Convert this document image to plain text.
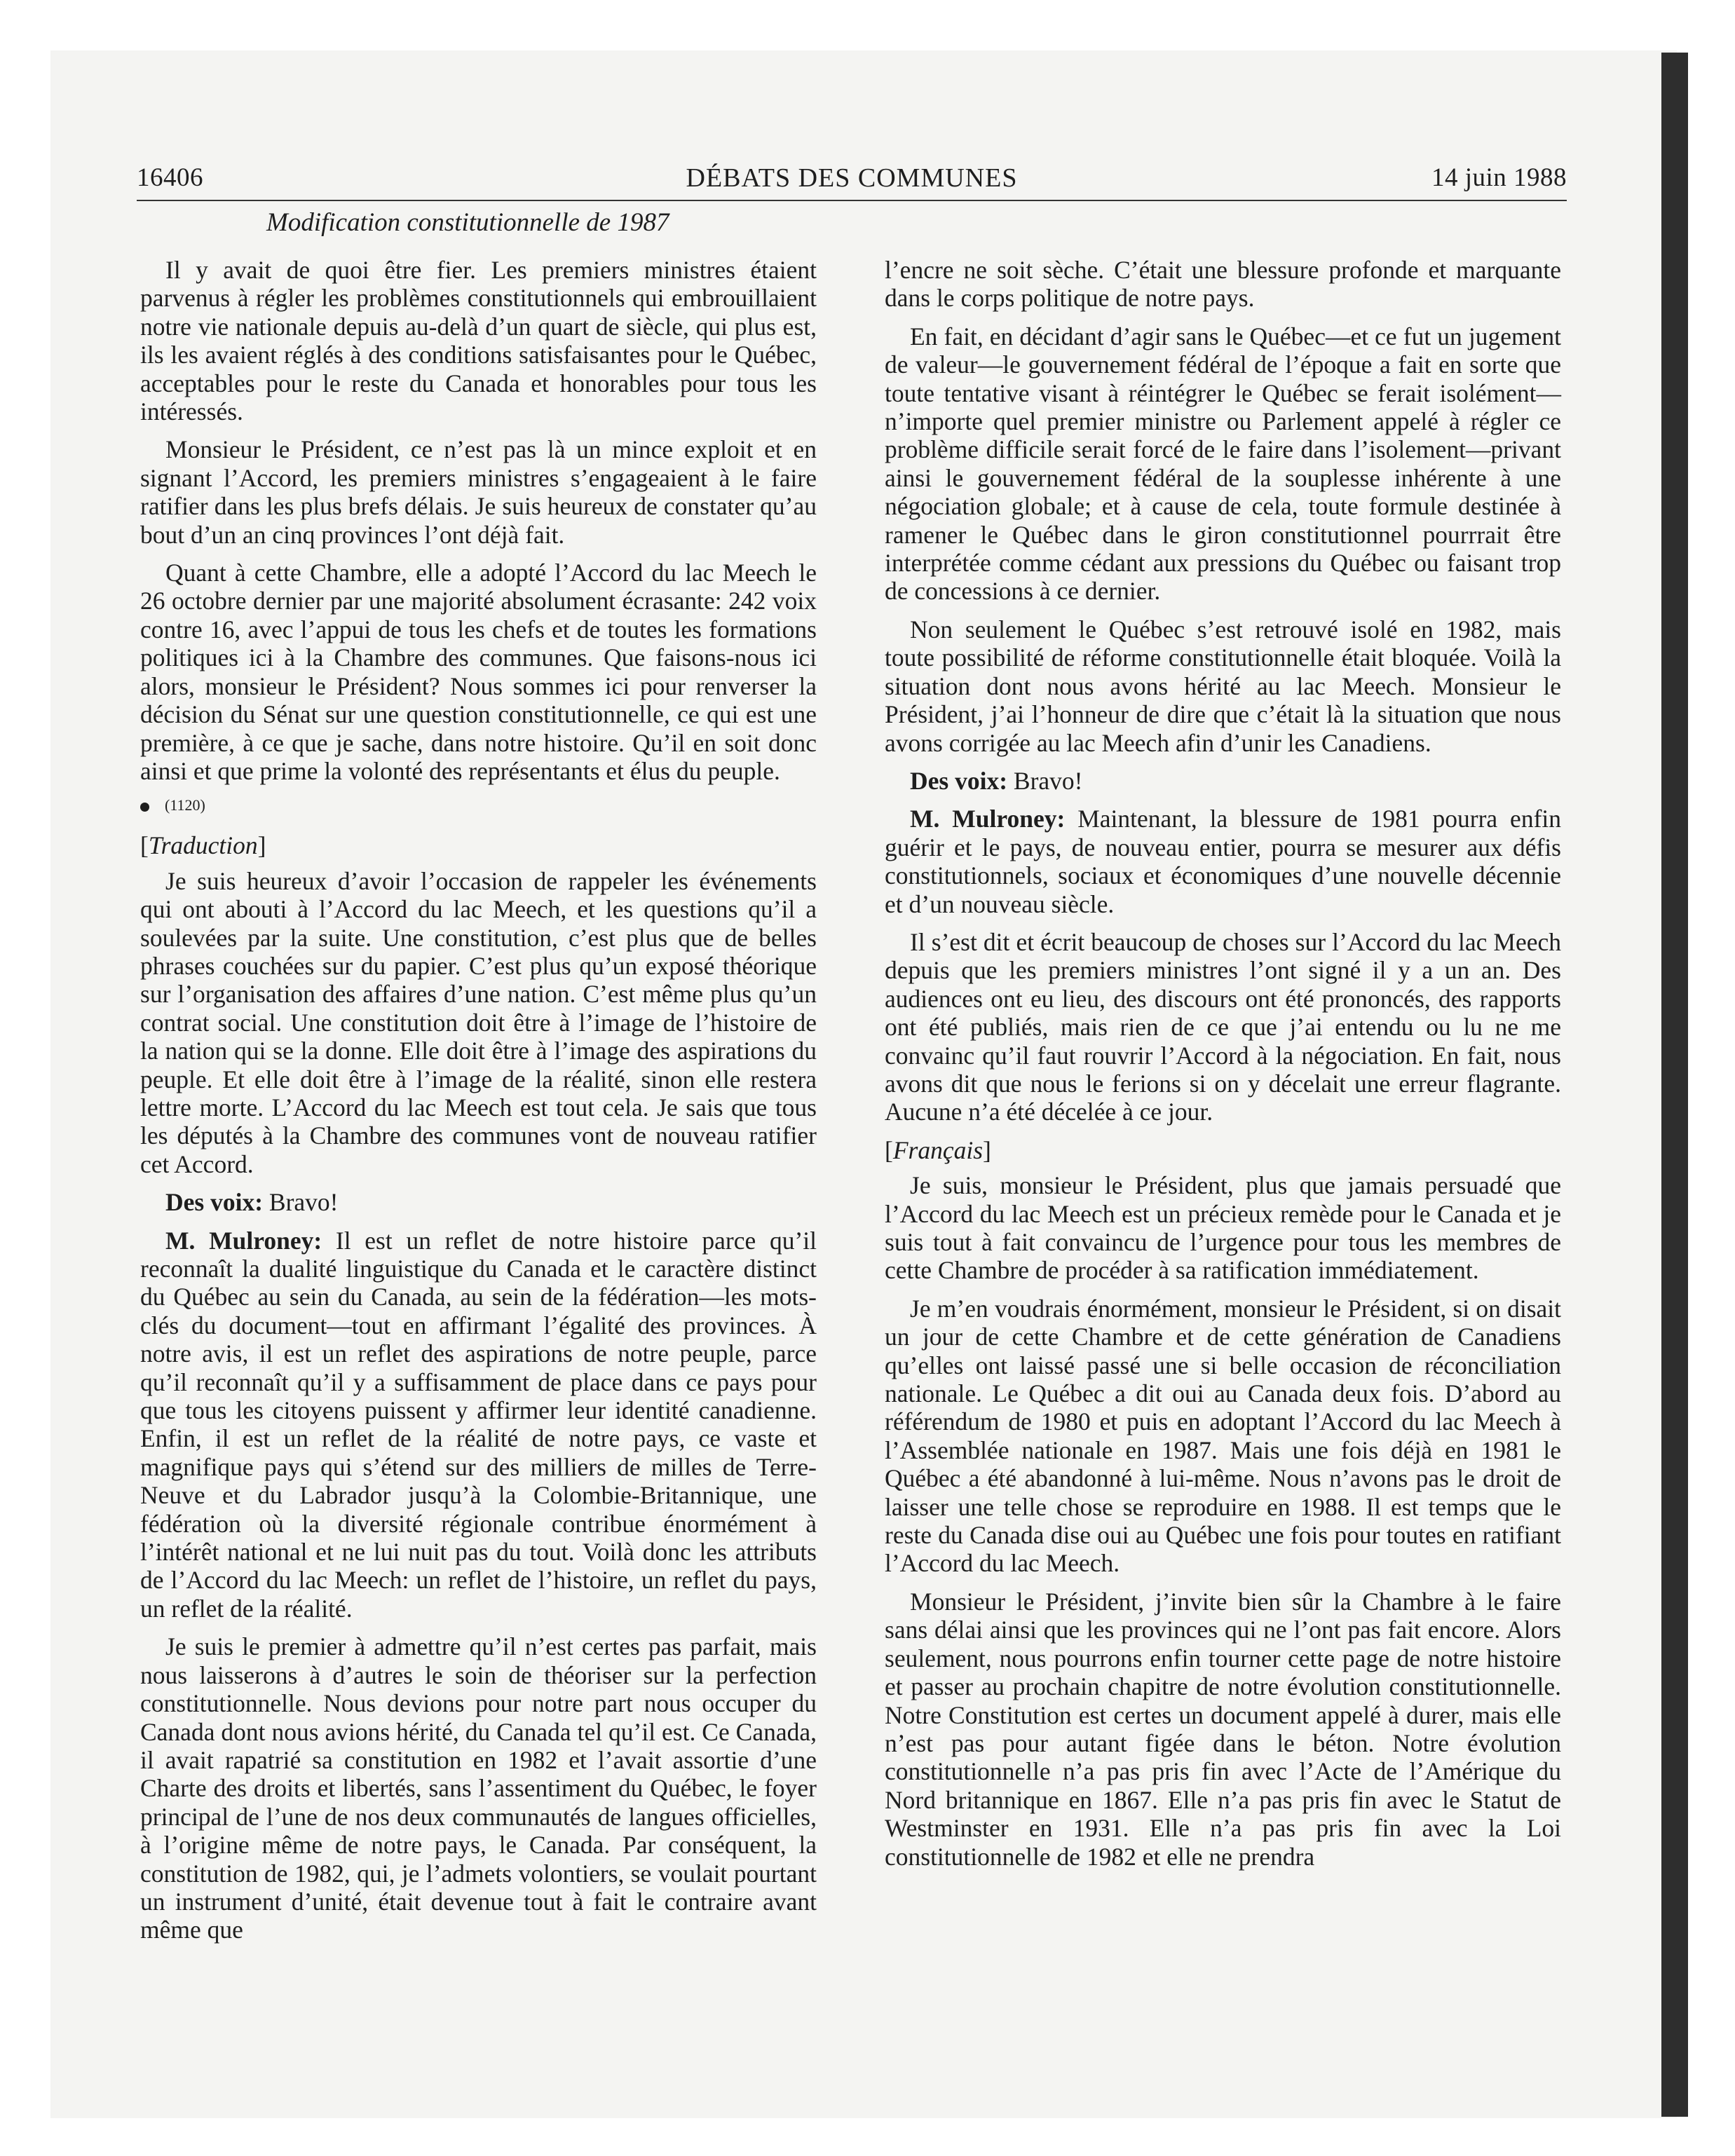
16406	DÉBATS DES COMMUNES	14 juin 1988
Modification constitutionnelle de 1987

Il y avait de quoi être fier. Les premiers ministres étaient parvenus à régler les problèmes constitutionnels qui embrouillaient notre vie nationale depuis au-delà d’un quart de siècle, qui plus est, ils les avaient réglés à des conditions satisfaisantes pour le Québec, acceptables pour le reste du Canada et honorables pour tous les intéressés.

Monsieur le Président, ce n’est pas là un mince exploit et en signant l’Accord, les premiers ministres s’engageaient à le faire ratifier dans les plus brefs délais. Je suis heureux de constater qu’au bout d’un an cinq provinces l’ont déjà fait.

Quant à cette Chambre, elle a adopté l’Accord du lac Meech le 26 octobre dernier par une majorité absolument écrasante: 242 voix contre 16, avec l’appui de tous les chefs et de toutes les formations politiques ici à la Chambre des communes. Que faisons-nous ici alors, monsieur le Président? Nous sommes ici pour renverser la décision du Sénat sur une question constitutionnelle, ce qui est une première, à ce que je sache, dans notre histoire. Qu’il en soit donc ainsi et que prime la volonté des représentants et élus du peuple.

(1120)
[Traduction]

Je suis heureux d’avoir l’occasion de rappeler les événements qui ont abouti à l’Accord du lac Meech, et les questions qu’il a soulevées par la suite. Une constitution, c’est plus que de belles phrases couchées sur du papier. C’est plus qu’un exposé théorique sur l’organisation des affaires d’une nation. C’est même plus qu’un contrat social. Une constitution doit être à l’image de l’histoire de la nation qui se la donne. Elle doit être à l’image des aspirations du peuple. Et elle doit être à l’image de la réalité, sinon elle restera lettre morte. L’Accord du lac Meech est tout cela. Je sais que tous les députés à la Chambre des communes vont de nouveau ratifier cet Accord.

Des voix: Bravo!

M. Mulroney: Il est un reflet de notre histoire parce qu’il reconnaît la dualité linguistique du Canada et le caractère distinct du Québec au sein du Canada, au sein de la fédération—les mots-clés du document—tout en affirmant l’égalité des provinces. À notre avis, il est un reflet des aspirations de notre peuple, parce qu’il reconnaît qu’il y a suffisamment de place dans ce pays pour que tous les citoyens puissent y affirmer leur identité canadienne. Enfin, il est un reflet de la réalité de notre pays, ce vaste et magnifique pays qui s’étend sur des milliers de milles de Terre-Neuve et du Labrador jusqu’à la Colombie-Britannique, une fédération où la diversité régionale contribue énormément à l’intérêt national et ne lui nuit pas du tout. Voilà donc les attributs de l’Accord du lac Meech: un reflet de l’histoire, un reflet du pays, un reflet de la réalité.

Je suis le premier à admettre qu’il n’est certes pas parfait, mais nous laisserons à d’autres le soin de théoriser sur la perfection constitutionnelle. Nous devions pour notre part nous occuper du Canada dont nous avions hérité, du Canada tel qu’il est. Ce Canada, il avait rapatrié sa constitution en 1982 et l’avait assortie d’une Charte des droits et libertés, sans l’assentiment du Québec, le foyer principal de l’une de nos deux communautés de langues officielles, à l’origine même de notre pays, le Canada. Par conséquent, la constitution de 1982, qui, je l’admets volontiers, se voulait pourtant un instrument d’unité, était devenue tout à fait le contraire avant même que

l’encre ne soit sèche. C’était une blessure profonde et marquante dans le corps politique de notre pays.

En fait, en décidant d’agir sans le Québec—et ce fut un jugement de valeur—le gouvernement fédéral de l’époque a fait en sorte que toute tentative visant à réintégrer le Québec se ferait isolément—n’importe quel premier ministre ou Parlement appelé à régler ce problème difficile serait forcé de le faire dans l’isolement—privant ainsi le gouvernement fédéral de la souplesse inhérente à une négociation globale; et à cause de cela, toute formule destinée à ramener le Québec dans le giron constitutionnel pourrrait être interprétée comme cédant aux pressions du Québec ou faisant trop de concessions à ce dernier.

Non seulement le Québec s’est retrouvé isolé en 1982, mais toute possibilité de réforme constitutionnelle était bloquée. Voilà la situation dont nous avons hérité au lac Meech. Monsieur le Président, j’ai l’honneur de dire que c’était là la situation que nous avons corrigée au lac Meech afin d’unir les Canadiens.

Des voix: Bravo!

M. Mulroney: Maintenant, la blessure de 1981 pourra enfin guérir et le pays, de nouveau entier, pourra se mesurer aux défis constitutionnels, sociaux et économiques d’une nouvelle décennie et d’un nouveau siècle.

Il s’est dit et écrit beaucoup de choses sur l’Accord du lac Meech depuis que les premiers ministres l’ont signé il y a un an. Des audiences ont eu lieu, des discours ont été prononcés, des rapports ont été publiés, mais rien de ce que j’ai entendu ou lu ne me convainc qu’il faut rouvrir l’Accord à la négociation. En fait, nous avons dit que nous le ferions si on y décelait une erreur flagrante. Aucune n’a été décelée à ce jour.

[Français]

Je suis, monsieur le Président, plus que jamais persuadé que l’Accord du lac Meech est un précieux remède pour le Canada et je suis tout à fait convaincu de l’urgence pour tous les membres de cette Chambre de procéder à sa ratification immédiatement.

Je m’en voudrais énormément, monsieur le Président, si on disait un jour de cette Chambre et de cette génération de Canadiens qu’elles ont laissé passé une si belle occasion de réconciliation nationale. Le Québec a dit oui au Canada deux fois. D’abord au référendum de 1980 et puis en adoptant l’Accord du lac Meech à l’Assemblée nationale en 1987. Mais une fois déjà en 1981 le Québec a été abandonné à lui-même. Nous n’avons pas le droit de laisser une telle chose se reproduire en 1988. Il est temps que le reste du Canada dise oui au Québec une fois pour toutes en ratifiant l’Accord du lac Meech.

Monsieur le Président, j’invite bien sûr la Chambre à le faire sans délai ainsi que les provinces qui ne l’ont pas fait encore. Alors seulement, nous pourrons enfin tourner cette page de notre histoire et passer au prochain chapitre de notre évolution constitutionnelle. Notre Constitution est certes un document appelé à durer, mais elle n’est pas pour autant figée dans le béton. Notre évolution constitutionnelle n’a pas pris fin avec l’Acte de l’Amérique du Nord britannique en 1867. Elle n’a pas pris fin avec le Statut de Westminster en 1931. Elle n’a pas pris fin avec la Loi constitutionnelle de 1982 et elle ne prendra
